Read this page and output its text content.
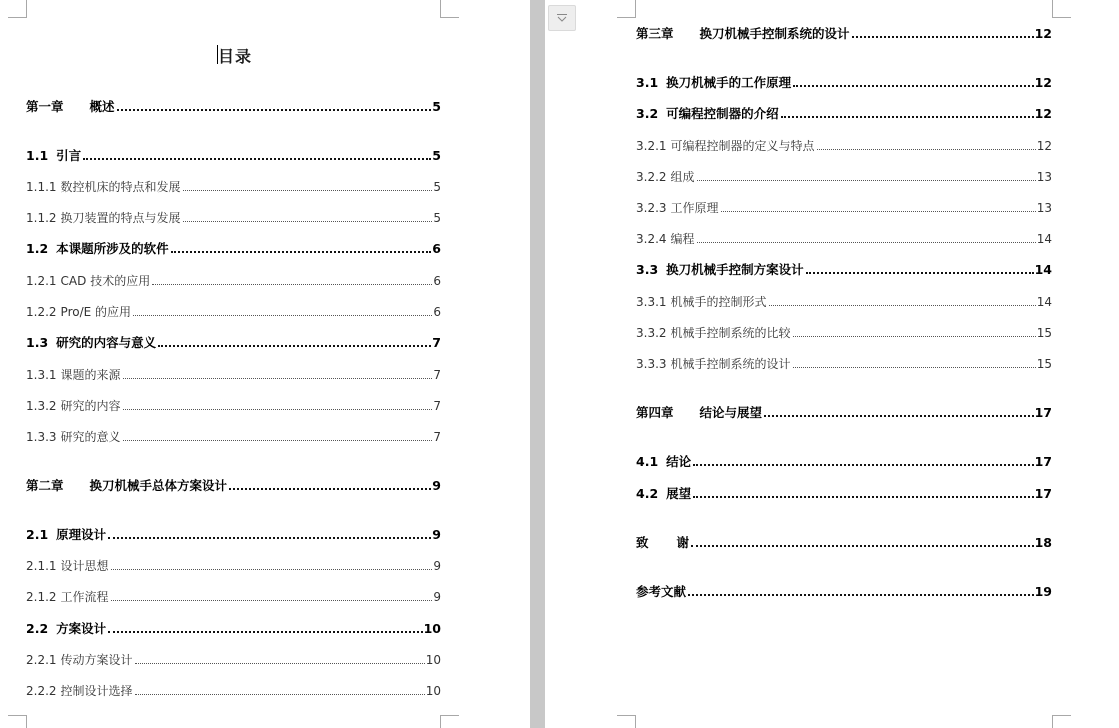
目录
第一章 概述	5
1.1 引言	5
1.1.1 数控机床的特点和发展	5
1.1.2 换刀装置的特点与发展	5
1.2 本课题所涉及的软件	6
1.2.1 CAD 技术的应用	6
1.2.2 Pro/E 的应用	6
1.3 研究的内容与意义	7
1.3.1 课题的来源	7
1.3.2 研究的内容	7
1.3.3 研究的意义	7
第二章 换刀机械手总体方案设计	9
2.1 原理设计	9
2.1.1 设计思想	9
2.1.2 工作流程	9
2.2 方案设计	10
2.2.1 传动方案设计	10
2.2.2 控制设计选择	10
第三章 换刀机械手控制系统的设计	12
3.1 换刀机械手的工作原理	12
3.2 可编程控制器的介绍	12
3.2.1 可编程控制器的定义与特点	12
3.2.2 组成	13
3.2.3 工作原理	13
3.2.4 编程	14
3.3 换刀机械手控制方案设计	14
3.3.1 机械手的控制形式	14
3.3.2 机械手控制系统的比较	15
3.3.3 机械手控制系统的设计	15
第四章 结论与展望	17
4.1 结论	17
4.2 展望	17
致 谢	18
参考文献	19
